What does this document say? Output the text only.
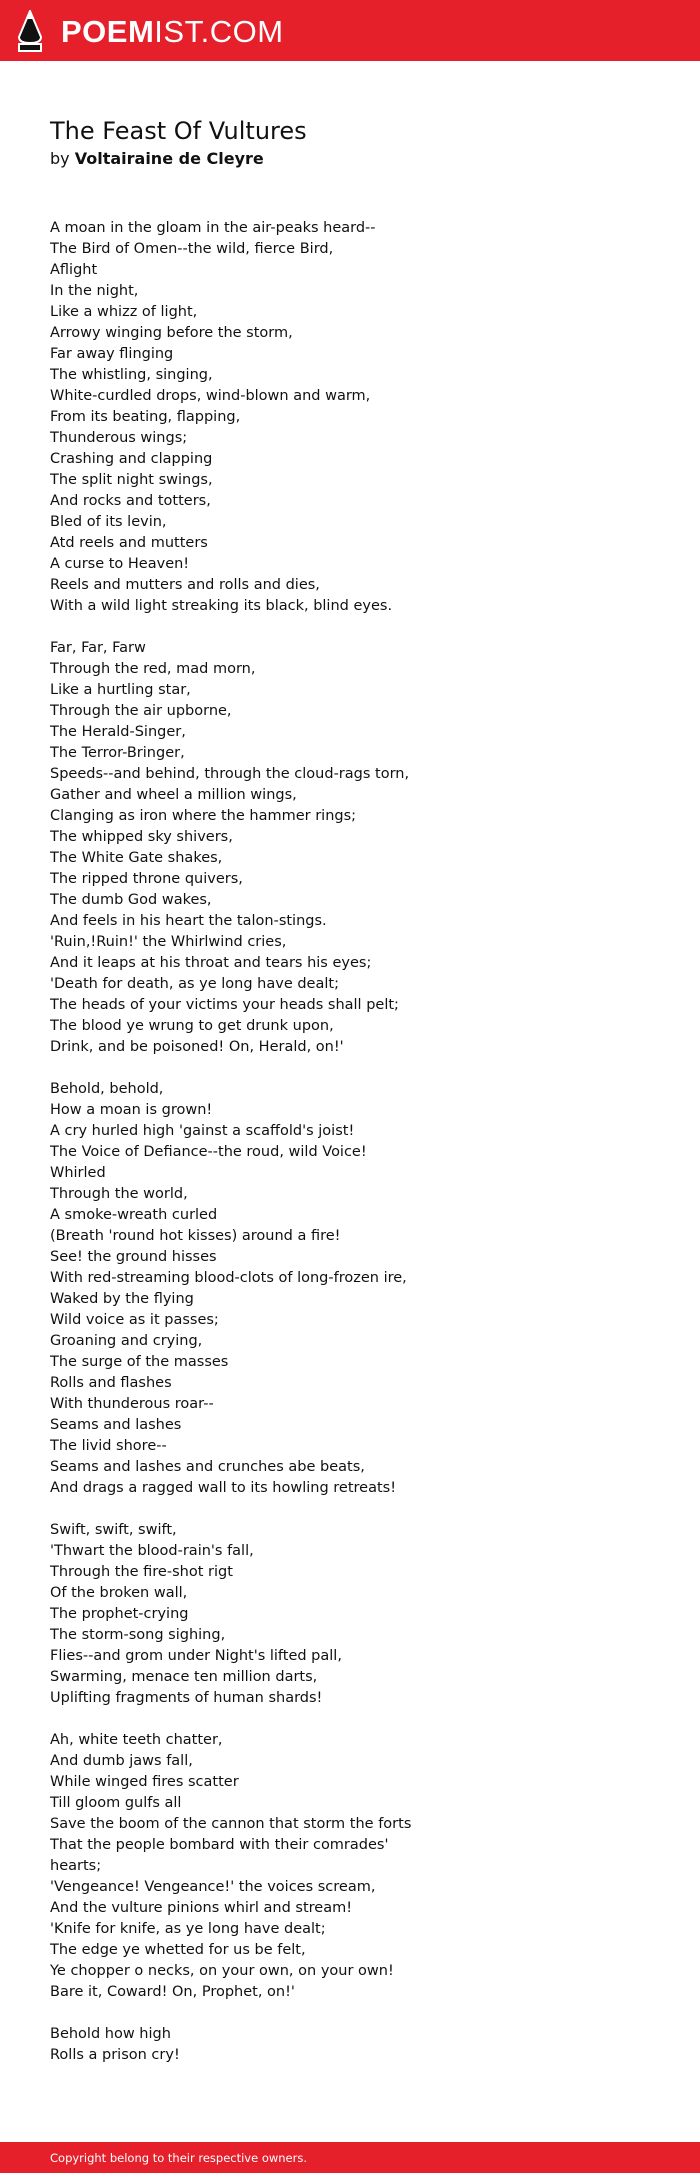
POEMIST.COM
The Feast Of Vultures
by Voltairaine de Cleyre
A moan in the gloam in the air-peaks heard--
The Bird of Omen--the wild, fierce Bird,
Aflight
In the night,
Like a whizz of light,
Arrowy winging before the storm,
Far away flinging
The whistling, singing,
White-curdled drops, wind-blown and warm,
From its beating, flapping,
Thunderous wings;
Crashing and clapping
The split night swings,
And rocks and totters,
Bled of its levin,
Atd reels and mutters
A curse to Heaven!
Reels and mutters and rolls and dies,
With a wild light streaking its black, blind eyes.
Far, Far, Farw
Through the red, mad morn,
Like a hurtling star,
Through the air upborne,
The Herald-Singer,
The Terror-Bringer,
Speeds--and behind, through the cloud-rags torn,
Gather and wheel a million wings,
Clanging as iron where the hammer rings;
The whipped sky shivers,
The White Gate shakes,
The ripped throne quivers,
The dumb God wakes,
And feels in his heart the talon-stings.
'Ruin,!Ruin!' the Whirlwind cries,
And it leaps at his throat and tears his eyes;
'Death for death, as ye long have dealt;
The heads of your victims your heads shall pelt;
The blood ye wrung to get drunk upon,
Drink, and be poisoned! On, Herald, on!'
Behold, behold,
How a moan is grown!
A cry hurled high 'gainst a scaffold's joist!
The Voice of Defiance--the roud, wild Voice!
Whirled
Through the world,
A smoke-wreath curled
(Breath 'round hot kisses) around a fire!
See! the ground hisses
With red-streaming blood-clots of long-frozen ire,
Waked by the flying
Wild voice as it passes;
Groaning and crying,
The surge of the masses
Rolls and flashes
With thunderous roar--
Seams and lashes
The livid shore--
Seams and lashes and crunches abe beats,
And drags a ragged wall to its howling retreats!
Swift, swift, swift,
'Thwart the blood-rain's fall,
Through the fire-shot rigt
Of the broken wall,
The prophet-crying
The storm-song sighing,
Flies--and grom under Night's lifted pall,
Swarming, menace ten million darts,
Uplifting fragments of human shards!
Ah, white teeth chatter,
And dumb jaws fall,
While winged fires scatter
Till gloom gulfs all
Save the boom of the cannon that storm the forts
That the people bombard with their comrades'
hearts;
'Vengeance! Vengeance!' the voices scream,
And the vulture pinions whirl and stream!
'Knife for knife, as ye long have dealt;
The edge ye whetted for us be felt,
Ye chopper o necks, on your own, on your own!
Bare it, Coward! On, Prophet, on!'
Behold how high
Rolls a prison cry!
Copyright belong to their respective owners.
